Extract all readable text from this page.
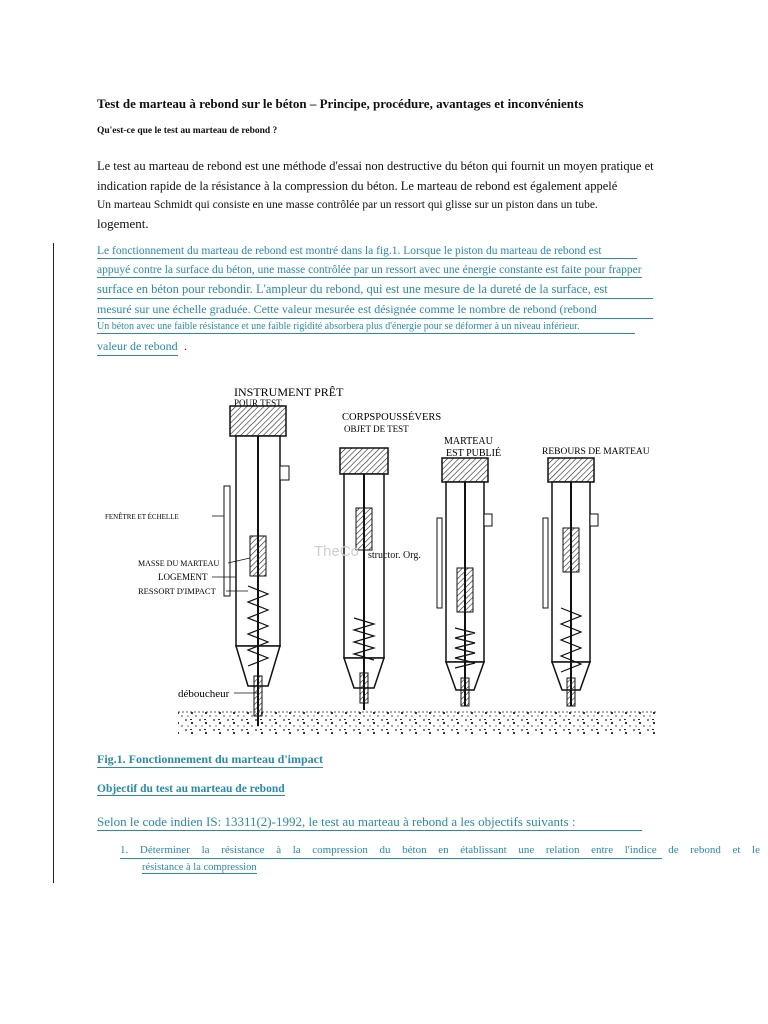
Test de marteau à rebond sur le béton – Principe, procédure, avantages et inconvénients
Qu'est-ce que le test au marteau de rebond ?
Le test au marteau de rebond est une méthode d'essai non destructive du béton qui fournit un moyen pratique et
indication rapide de la résistance à la compression du béton. Le marteau de rebond est également appelé
Un marteau Schmidt qui consiste en une masse contrôlée par un ressort qui glisse sur un piston dans un tube.
logement.
Le fonctionnement du marteau de rebond est montré dans la fig.1. Lorsque le piston du marteau de rebond est
appuyé contre la surface du béton, une masse contrôlée par un ressort avec une énergie constante est faite pour frapper
surface en béton pour rebondir. L'ampleur du rebond, qui est une mesure de la dureté de la surface, est
mesuré sur une échelle graduée. Cette valeur mesurée est désignée comme le nombre de rebond (rebond
Un béton avec une faible résistance et une faible rigidité absorbera plus d'énergie pour se déformer à un niveau inférieur.
valeur de rebond .
INSTRUMENT PRÊT
POUR TEST
CORPSPOUSSÉVERS
OBJET DE TEST
MARTEAU
EST PUBLIÉ	REBOURS DE MARTEAU
FENÊTRE ET ÉCHELLE
MASSE DU MARTEAU
LOGEMENT
RESSORT D'IMPACT
déboucheur
TheCo structor. Org.
Fig.1. Fonctionnement du marteau d'impact
Objectif du test au marteau de rebond
Selon le code indien IS: 13311(2)-1992, le test au marteau à rebond a les objectifs suivants :
1. Déterminer la résistance à la compression du béton en établissant une relation entre l'indice de rebond et le
résistance à la compression
